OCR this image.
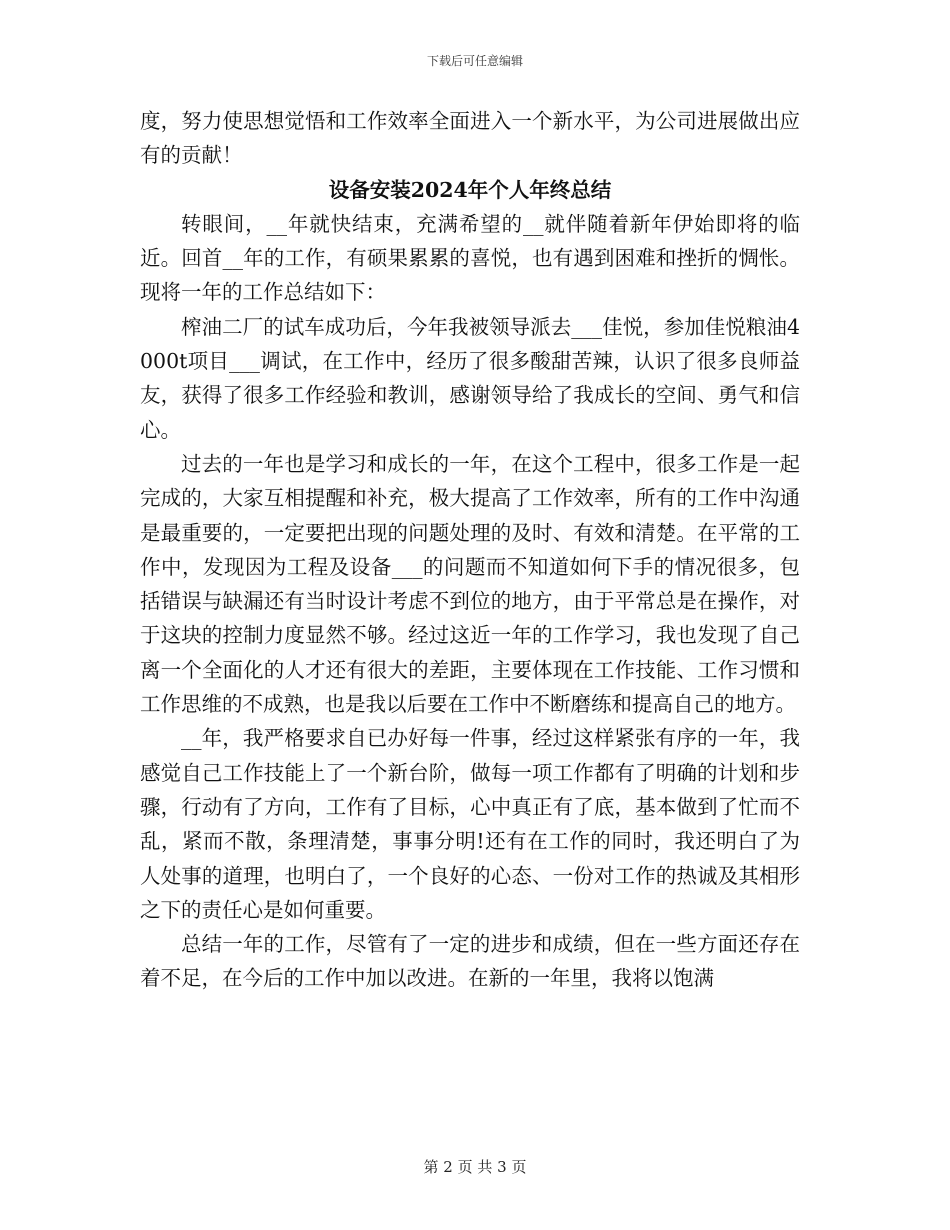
下载后可任意编辑

度，努力使思想觉悟和工作效率全面进入一个新水平，为公司进展做出应有的贡献！

设备安装2024年个人年终总结

转眼间，__年就快结束，充满希望的__就伴随着新年伊始即将的临近。回首__年的工作，有硕果累累的喜悦，也有遇到困难和挫折的惆怅。现将一年的工作总结如下：

榨油二厂的试车成功后，今年我被领导派去___佳悦，参加佳悦粮油4000t项目___调试，在工作中，经历了很多酸甜苦辣，认识了很多良师益友，获得了很多工作经验和教训，感谢领导给了我成长的空间、勇气和信心。

过去的一年也是学习和成长的一年，在这个工程中，很多工作是一起完成的，大家互相提醒和补充，极大提高了工作效率，所有的工作中沟通是最重要的，一定要把出现的问题处理的及时、有效和清楚。在平常的工作中，发现因为工程及设备___的问题而不知道如何下手的情况很多，包括错误与缺漏还有当时设计考虑不到位的地方，由于平常总是在操作，对于这块的控制力度显然不够。经过这近一年的工作学习，我也发现了自己离一个全面化的人才还有很大的差距，主要体现在工作技能、工作习惯和工作思维的不成熟，也是我以后要在工作中不断磨练和提高自己的地方。

__年，我严格要求自已办好每一件事，经过这样紧张有序的一年，我感觉自己工作技能上了一个新台阶，做每一项工作都有了明确的计划和步骤，行动有了方向，工作有了目标，心中真正有了底，基本做到了忙而不乱，紧而不散，条理清楚，事事分明!还有在工作的同时，我还明白了为人处事的道理，也明白了，一个良好的心态、一份对工作的热诚及其相形之下的责任心是如何重要。

总结一年的工作，尽管有了一定的进步和成绩，但在一些方面还存在着不足，在今后的工作中加以改进。在新的一年里，我将以饱满

第 2 页 共 3 页
